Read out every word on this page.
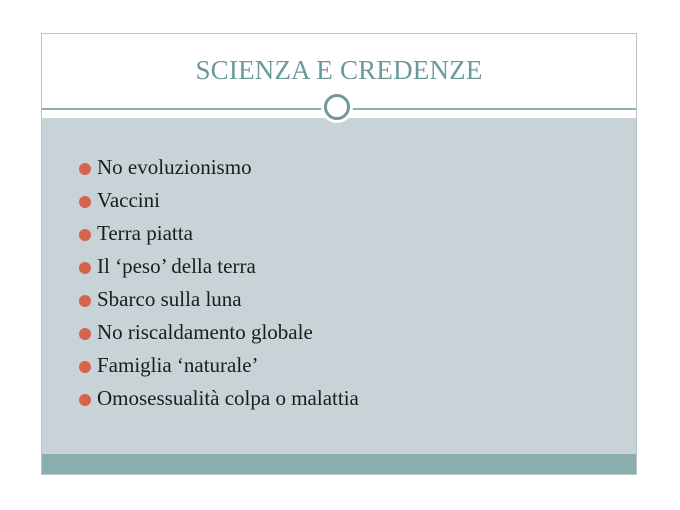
SCIENZA E CREDENZE
No evoluzionismo
Vaccini
Terra piatta
Il ‘peso’ della terra
Sbarco sulla luna
No riscaldamento globale
Famiglia ‘naturale’
Omosessualità colpa o malattia
